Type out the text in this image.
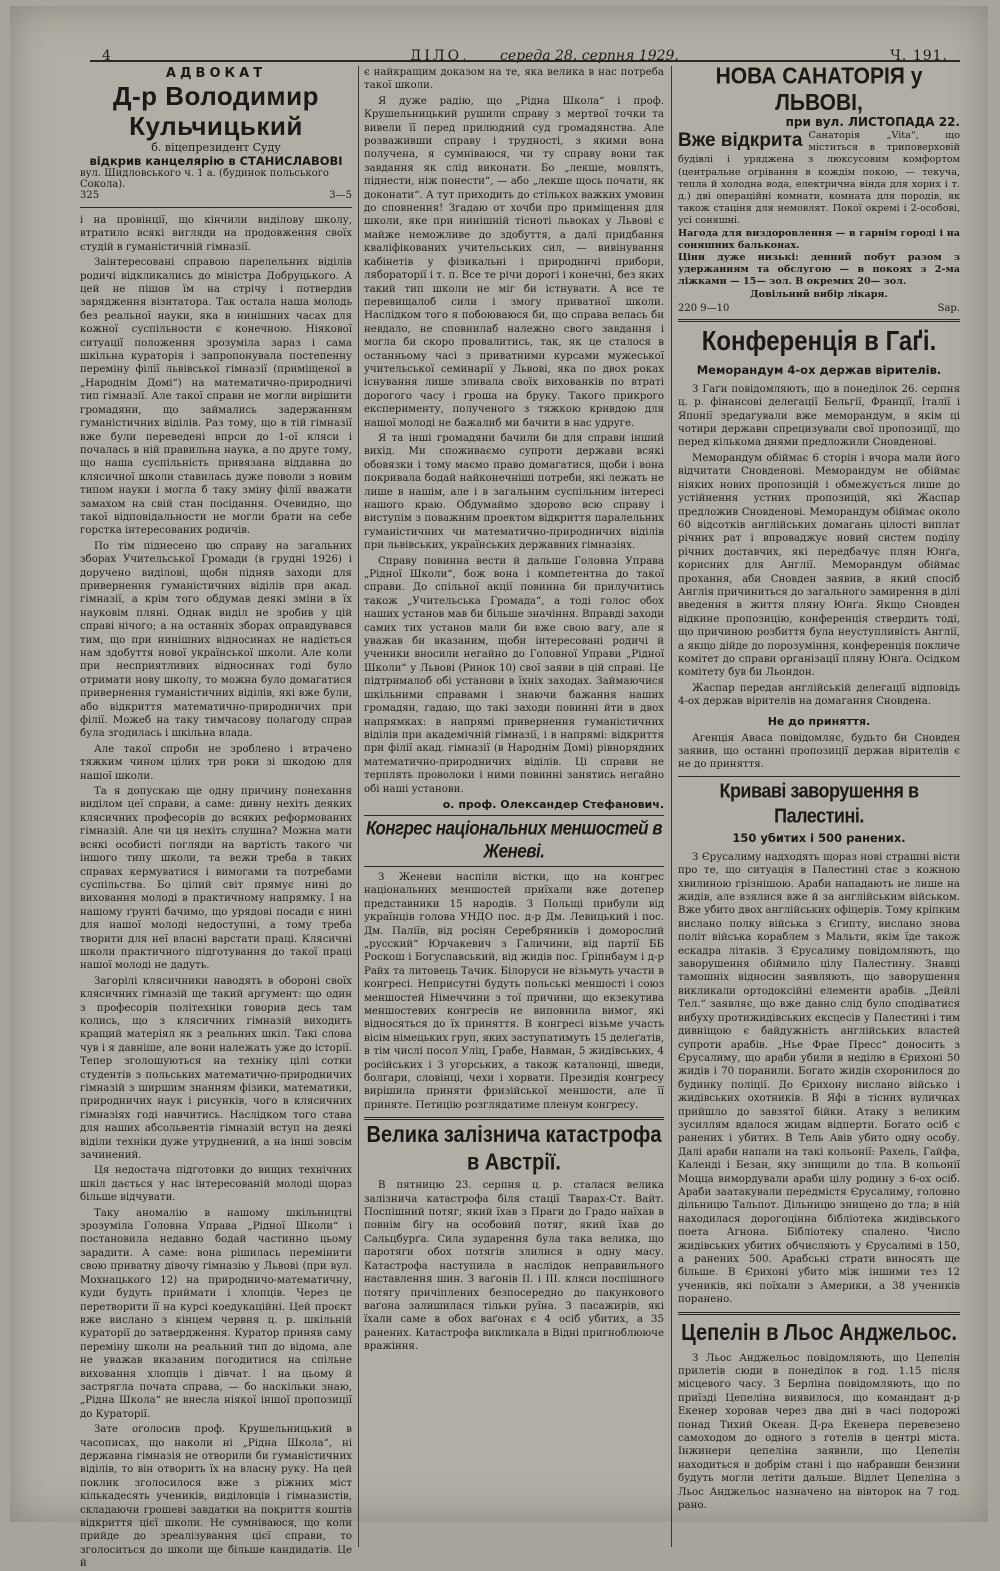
4	ДІЛО, середа 28. серпня 1929.	Ч. 191.
АДВОКАТ
Д-р Володимир Кульчицький
б. віцепрезидент Суду
відкрив канцелярію в СТАНИСЛАВОВІ
вул. Шидловського ч. 1 а. (будинок польського Сокола).
325	3—5

і на провінції, що кінчили виділову школу, втратило всякі вигляди на продовження своїх студій в гуманістичній гімназії.

Заінтересовані справою парелельних віділів родичі відкликались до міністра Добруцького. А цей не пішов їм на стрічу і потвердив зарядження візитатора. Так остала наша молодь без реальної науки, яка в нинішних часах для кожної суспільности є конечною. Ніякової ситуації положення зрозуміла зараз і сама шкільна кураторія і запропонувала постепенну переміну філії львівської гімназії (приміщеної в „Народнім Домі“) на математично-природничі тип гімназії. Але такої справи не могли вирішити громадяни, що займались задержанням гуманістичних віділів. Раз тому, що в тій гімназії вже були переведені впрси до 1-ої кляси і почалась в ній правильна наука, а по друге тому, що наша суспільність привязана віддавна до клясичної школи ставилась дуже поволи з новим типом науки і могла б таку зміну філії вважати замахом на свій стан посідання. Очевидно, що такої відповідальности не могли брати на себе горстка інтересованих родичів.

По тім піднесено цю справу на загальних зборах Учительської Громади (в грудні 1926) і доручено виділові, щоби підняв заходи для привернення гуманістичних віділів при акад. гімназії, а крім того обдумав деякі зміни в їх науковім пляні. Однак виділ не зробив у цій справі нічого; а на останніх зборах оправдувався тим, що при нинішних відносинах не надіється нам здобуття нової української школи. Але коли при несприятливих відносинах годі було отримати нову школу, то можна було домагатися привернення гуманістичних віділів, які вже були, або відкриття математично-природничих при філії. Можеб на таку тимчасову полагоду справ була згодилась і шкільна влада.

Але такої спроби не зроблено і втрачено тяжким чином цілих три роки зі шкодою для нашої школи.

Та я допускаю ще одну причину понехання виділом цеї справи, а саме: дивну нехіть деяких клясичних професорів до всяких реформованих гімназій. Але чи ця нехіть слушна? Можна мати всякі особисті погляди на вартість такого чи іншого типу школи, та вежи треба в таких справах кермуватися і вимогами та потребами суспільства. Бо цілий світ прямує нині до виховання молоді в практичному напрямку. І на нашому ґрунті бачимо, що урядові посади є нині для нашої молоді недоступні, а тому треба творити для неї власні варстати праці. Клясичні школи практичного підготування до такої праці нашої молоді не дадуть.

Загорілі клясичники наводять в обороні своїх клясичних гімназій ще такий аргумент: що один з професорів політехніки говорив десь там колись, що з клясичних гімназій виходить кращий матеріял як з реальних шкіл. Такі слова чув і я давніше, але вони належать уже до історії. Тепер зголошуються на техніку цілі сотки студентів з польських математично-природничих гімназій з ширшим знанням фізики, математики, природничих наук і рисунків, чого в клясичних гімназіях годі навчитись. Наслідком того става для наших абсольвентів гімназій вступ на деякі віділи техніки дуже утруднений, а на інші зовсім зачинений.

Ця недостача підготовки до вищих технічних шкіл дається у нас інтересованій молоді щораз більше відчувати.

Таку аномалію в нашому шкільництві зрозуміла Головна Управа „Рідної Школи“ і постановила недавно бодай частинно цьому зарадити. А саме: вона рішилась перемінити свою приватну дівочу гімназію у Львові (при вул. Мохнацького 12) на природничо-математичну, куди будуть приймати і хлопців. Через це перетворити її на курсі коедукаційні. Цей проєкт вже вислано з кінцем червня ц. р. шкільній кураторії до затвердження. Куратор приняв саму переміну школи на реальний тип до відома, але не уважав вказаним погодитися на спільне виховання хлопців і дівчат. І на цьому й застрягла почата справа, — бо наскільки знаю, „Рідна Школа“ не внесла ніякої іншої пропозиції до Кураторії.

Зате оголосив проф. Крушельницький в часописах, що наколи ні „Рідна Школа“, ні державна гімназія не отворили би гуманістичних віділів, то він отворить їх на власну руку. На цей поклик зголосилося вже з ріжних міст кількадесять учеників, виділовців і гімназистів, складаючи грошеві завдатки на покриття коштів відкриття цієї школи. Не сумніваюся, що коли прийде до зреалізування цієї справи, то зголоситься до школи ще більше кандидатів. Це й

є найкращим доказом на те, яка велика в нас потреба такої школи.

Я дуже радію, що „Рідна Школа“ і проф. Крушельницький рушили справу з мертвої точки та вивели її перед прилюдний суд громадянства. Але розваживши справу і трудності, з якими вона получена, я сумніваюся, чи ту справу вони так завдання як слід виконати. Бо „лекше, мовлять, піднести, ніж понести“, — або „лекше щось почати, як доконати“. А тут приходить до стількох важких умовин до сповнення! Згадаю от хочби про приміщення для школи, яке при нинішній тісноті львоках у Львові є майже неможливе до здобуття, а далі придбання кваліфікованих учительських сил, — вивінування кабінетів у фізикальні і природничі прибори, лябораторії і т. п. Все те річи дорогі і конечні, без яких такий тип школи не міг би істнувати. А все те перевищалоб сили і змогу приватної школи. Наслідком того я побоюваюся би, що справа велась би невдало, не сповнилаб належно свого завдання і могла би скоро провалитись, так, як це сталося в останньому часі з приватними курсами мужеської учительської семинарії у Львові, яка по двох роках існування лише зливала своїх вихованків по втраті дорогого часу і гроша на бруку. Такого прикрого експерименту, полученого з тяжкою кривдою для нашої молоді не бажалиб ми бачити в нас удруге.

Я та інші громадяни бачили би для справи інший вихід. Ми споживаємо супроти держави всякі обовязки і тому маємо право домагатися, щоби і вона покривала бодай найконечніші потреби, які лежать не лише в нашім, але і в загальним суспільним інтересі нашого краю. Обдумаймо здорово всю справу і виступім з поважним проектом відкриття паралельних гуманістичних чи математично-природничих віділів при львівських, українських державних гімназіях.

Справу повинна вести й дальше Головна Управа „Рідної Школи“, бож вона і компетентна до такої справи. До спільної акції повинна би прилучитись також „Учительська Громада“, а тоді голос обох наших установ мав би більше значіння. Вправді заходи самих тих установ мали би вже свою вагу, але я уважав би вказаним, щоби інтересовані родичі й ученики вносили негайно до Головної Управи „Рідної Школи“ у Львові (Ринок 10) свої заяви в цій справі. Це підтрималоб обі установи в їхніх заходах. Займаючися шкільними справами і знаючи бажання наших громадян, гадаю, що такі заходи повинні йти в двох напрямках: в напрямі привернення гуманістичних віділів при академічній гімназії, і в напрямі: відкриття при філії акад. гімназії (в Народнім Домі) рівнорядних математично-природничих віділів. Ці справи не терплять проволоки і ними повинні занятись негайно обі наші установи.

о. проф. Олександер Стефанович.
Конгрес національних меншостей в Женеві.

З Женеви наспіли вістки, що на конгрес національних меншостей приїхали вже дотепер представники 15 народів. З Польщі прибули від українців голова УНДО пос. д-р Дм. Левицький і пос. Дм. Паліїв, від росіян Серебряників і доморослий „русский“ Юрчакевич з Галичини, від партії ББ Роскош і Богуславський, від жидів пос. Ґріпнбаум і д-р Райх та литовець Тачик. Білоруси не візьмуть участи в конгресі. Неприсутні будуть польські меншості і союз меншостей Німеччини з тої причини, що екзекутива меншостевих конгресів не виповнила вимог, які відносяться до їх приняття. В конгресі візьме участь вісім німецьких груп, яких заступатимуть 15 делеґатів, в тім числі посол Уліц, Ґрабе, Навман, 5 жидівських, 4 російських і 3 угорських, а також каталонці, шведи, болгари, словінці, чехи і хорвати. Президія конгресу вирішила приняти фризійської меншости, але її приняте. Петицію розглядатиме пленум конгресу.

Велика залізнича катастрофа в Австрії.

В пятницю 23. серпня ц. р. сталася велика залізнича катастрофа біля стації Тварах-Ст. Вайт. Поспішний потяг, який їхав з Праги до Градо наїхав в повнім бігу на особовий потяг, який їхав до Сальцбурґа. Сила зударення була така велика, що паротяги обох потягів злилися в одну масу. Катастрофа наступила в наслідок неправильного наставлення шин. З ваґонів ІІ. і ІІІ. кляси поспішного потягу причіплених безпосередно до пакункового ваґона залишилася тільки руїна. З пасажирів, які їхали саме в обох ваґонах є 4 осіб убитих, а 35 ранених. Катастрофа викликала в Відні пригноблююче вражіння.

НОВА САНАТОРІЯ у ЛЬВОВІ,
при вул. ЛИСТОПАДА 22.
Вже відкрита Санаторія „Vita“, що міститься в триповерховій будівлі і уряджена з люксусовим комфортом (центральне огрівання в кождім покою, — текуча, тепла й холодна вода, електрична вінда для хорих і т. д.) дві операційні комнати, комната для породів, як також стаціня для немовлят. Покої окремі і 2-особові, усі соняшні.
Нагода для виздоровлення — в гарнім городі і на соняшних бальконах.
Ціни дуже низькі: денний побут разом з удержанням та обслугою — в покоях з 2-ма ліжками — 15— зол. В окремих 20— зол.
Довільний вибір лікаря.
220 9—10	Sap.
Конференція в Гаґі.
Меморандум 4-ох держав вірителів.

З Гаґи повідомляють, що в понеділок 26. серпня ц. р. фінансові делегації Бельгії, Франції, Італії і Японії зредагували вже меморандум, в якім ці чотири держави спрецизували свої пропозиції, що перед кількома днями предложили Сновденові.

Меморандум обіймає 6 сторін і вчора мали його відчитати Сновденові. Меморандум не обіймає ніяких нових пропозицій і обмежується лише до устійнення устних пропозицій, які Жаспар предложив Сновденові. Меморандум обіймає около 60 відсотків англійських домагань цілості виплат річних рат і впроваджує новий систем поділу річних доставчих, які передбачує плян Юнґа, корисних для Англії. Меморандум обіймає прохання, аби Сновден заявив, в який спосіб Англія причиниться до загального замирення в ділі введення в життя пляну Юнґа. Якщо Сновден відкине пропозицію, конференція ствердить тоді, що причиною розбиття була неуступливість Англії, а якщо дійде до порозуміння, конференція покличе комітет до справи організації пляну Юнґа. Осідком комітету був би Льондон.

Жаспар передав англійській делегації відповідь 4-ох держав вірителів на домагання Сновдена.

Не до приняття.

Агенція Аваса повідомляє, будьто би Сновден заявив, що останні пропозиції держав вірителів є не до приняття.

Криваві заворушення в Палестині.
150 убитих і 500 ранених.

З Єрусалиму надходять щораз нові страшні вісти про те, що ситуація в Палестині стає з кожною хвилиною грізнішою. Араби нападають не лише на жидів, але взялися вже й за англійським військом. Вже убито двох англійських офіцерів. Тому кріпким вислано полку війська з Єгипту, вислано знова політ війська кораблем з Мальти, якім їде також ескадра літаків. З Єрусалиму повідомляють, що заворушення обіймило цілу Палестину. Знавці тамошніх відносин заявляють, що заворушення викликали ортодоксійні елементи арабів. „Дейлі Тел.“ заявляє, що вже давно слід було сподіватися вибуху протижидівських ексцесів у Палестині і тим дивніщою є байдужність англійських властей супроти арабів. „Нье Фрае Пресс“ доносить з Єрусалиму, що араби убили в неділю в Єрихоні 50 жидів і 70 поранили. Богато жидів схоронилося до будинку поліції. До Єрихону вислано військо і жидівських охотників. В Яфі в тісних вуличках прийшло до завзятої бійки. Атаку з великим зусиллям вдалося жидам відперти. Богато осіб є ранених і убитих. В Тель Авів убито одну особу. Далі араби напали на такі кольонії: Рахель, Гайфа, Календі і Безан, яку знищили до тла. В кольонії Моцца вимордували араби цілу родину з 6-ох осіб. Араби заатакували передмістя Єрусалиму, головно дільницю Тальпот. Дільницю знищено до тла; в ній находилася дорогоцінна бібліотека жидівського поета Агнона. Бібліотеку спалено. Число жидівських убитих обчисляють у Єрусалимі в 150, а ранених 500. Арабські страти виносять ще більше. В Єрихоні убито між іншими тез 12 учеників, які поїхали з Америки, а 38 учеників поранено.

Цепелін в Льос Анджельос.

З Льос Анджельос повідомляють, що Цепелін прилетів сюди в понеділок в год. 1.15 після місцевого часу. З Берліна повідомляють, що по приїзді Цепеліна виявилося, що командант д-р Екенер хоровав через два дні в часі подорожі понад Тихий Океан. Д-ра Екенера перевезено самоходом до одного з готелів в центрі міста. Інжинери цепеліна заявили, що Цепелін находиться в добрім стані і що набравши бензини будуть могли летіти дальше. Відлет Цепеліна з Льос Анджельос назначено на вівторок на 7 год. рано.
